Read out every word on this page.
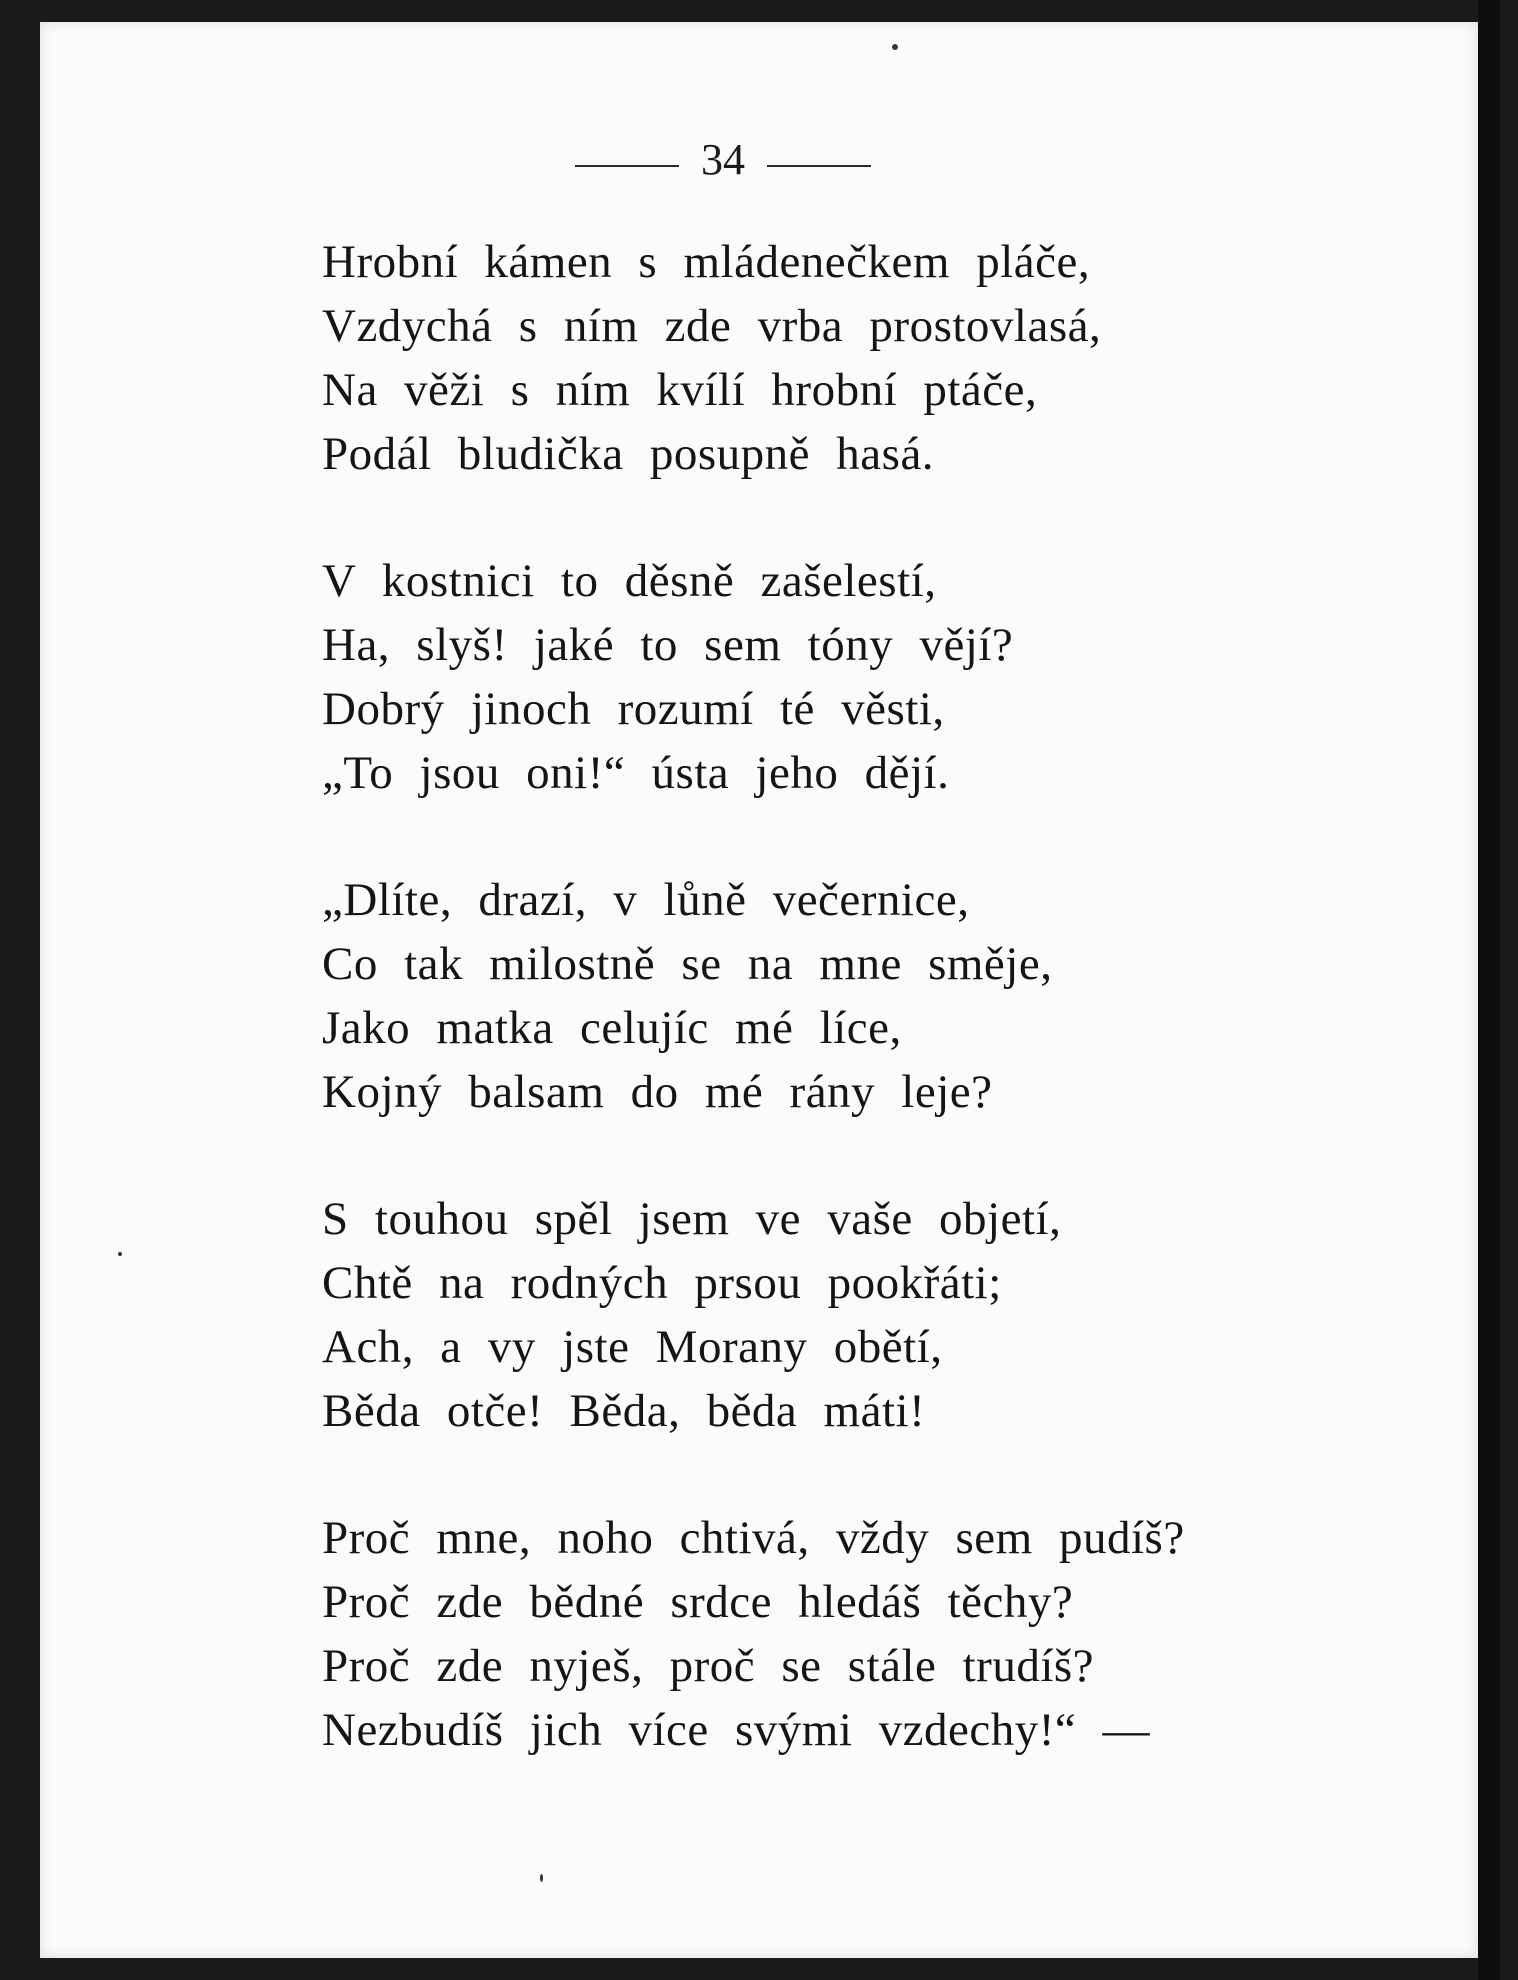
34
Hrobní kámen s mládenečkem pláče,
Vzdychá s ním zde vrba prostovlasá,
Na věži s ním kvílí hrobní ptáče,
Podál bludička posupně hasá.
V kostnici to děsně zašelestí,
Ha, slyš! jaké to sem tóny vějí?
Dobrý jinoch rozumí té věsti,
„To jsou oni!“ ústa jeho dějí.
„Dlíte, drazí, v lůně večernice,
Co tak milostně se na mne směje,
Jako matka celujíc mé líce,
Kojný balsam do mé rány leje?
S touhou spěl jsem ve vaše objetí,
Chtě na rodných prsou pookřáti;
Ach, a vy jste Morany obětí,
Běda otče! Běda, běda máti!
Proč mne, noho chtivá, vždy sem pudíš?
Proč zde bědné srdce hledáš těchy?
Proč zde nyješ, proč se stále trudíš?
Nezbudíš jich více svými vzdechy!“ —
